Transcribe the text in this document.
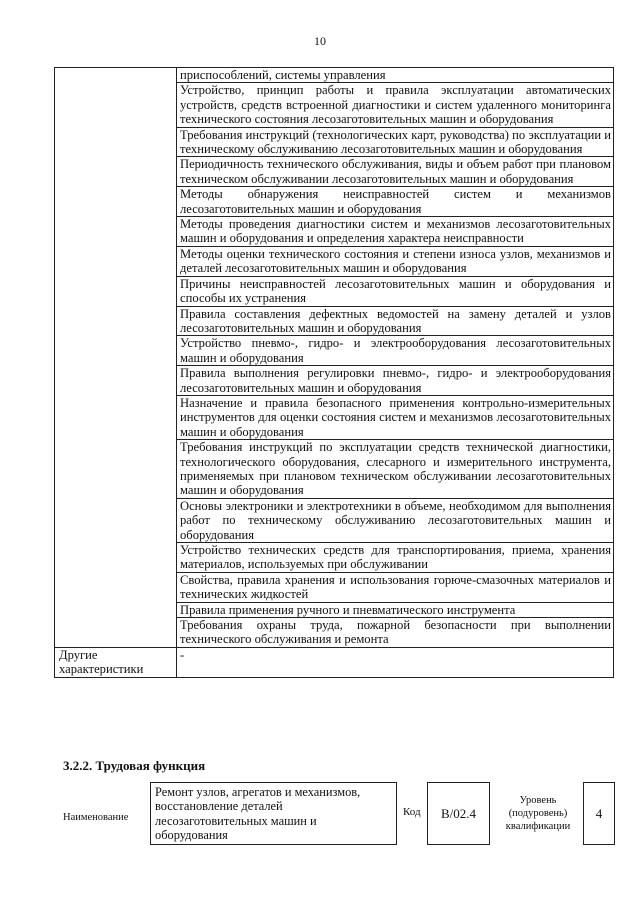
10
	приспособлений, системы управления
	Устройство, принцип работы и правила эксплуатации автоматических устройств, средств встроенной диагностики и систем удаленного мониторинга технического состояния лесозаготовительных машин и оборудования
	Требования инструкций (технологических карт, руководства) по эксплуатации и техническому обслуживанию лесозаготовительных машин и оборудования
	Периодичность технического обслуживания, виды и объем работ при плановом техническом обслуживании лесозаготовительных машин и оборудования
	Методы обнаружения неисправностей систем и механизмов лесозаготовительных машин и оборудования
	Методы проведения диагностики систем и механизмов лесозаготовительных машин и оборудования и определения характера неисправности
	Методы оценки технического состояния и степени износа узлов, механизмов и деталей лесозаготовительных машин и оборудования
	Причины неисправностей лесозаготовительных машин и оборудования и способы их устранения
	Правила составления дефектных ведомостей на замену деталей и узлов лесозаготовительных машин и оборудования
	Устройство пневмо-, гидро- и электрооборудования лесозаготовительных машин и оборудования
	Правила выполнения регулировки пневмо-, гидро- и электрооборудования лесозаготовительных машин и оборудования
	Назначение и правила безопасного применения контрольно-измерительных инструментов для оценки состояния систем и механизмов лесозаготовительных машин и оборудования
	Требования инструкций по эксплуатации средств технической диагностики, технологического оборудования, слесарного и измерительного инструмента, применяемых при плановом техническом обслуживании лесозаготовительных машин и оборудования
	Основы электроники и электротехники в объеме, необходимом для выполнения работ по техническому обслуживанию лесозаготовительных машин и оборудования
	Устройство технических средств для транспортирования, приема, хранения материалов, используемых при обслуживании
	Свойства, правила хранения и использования горюче-смазочных материалов и технических жидкостей
	Правила применения ручного и пневматического инструмента
	Требования охраны труда, пожарной безопасности при выполнении технического обслуживания и ремонта
Другие характеристики	-
3.2.2. Трудовая функция
Наименование
Ремонт узлов, агрегатов и механизмов, восстановление деталей лесозаготовительных машин и оборудования
Код B/02.4
Уровень (подуровень) квалификации
4
